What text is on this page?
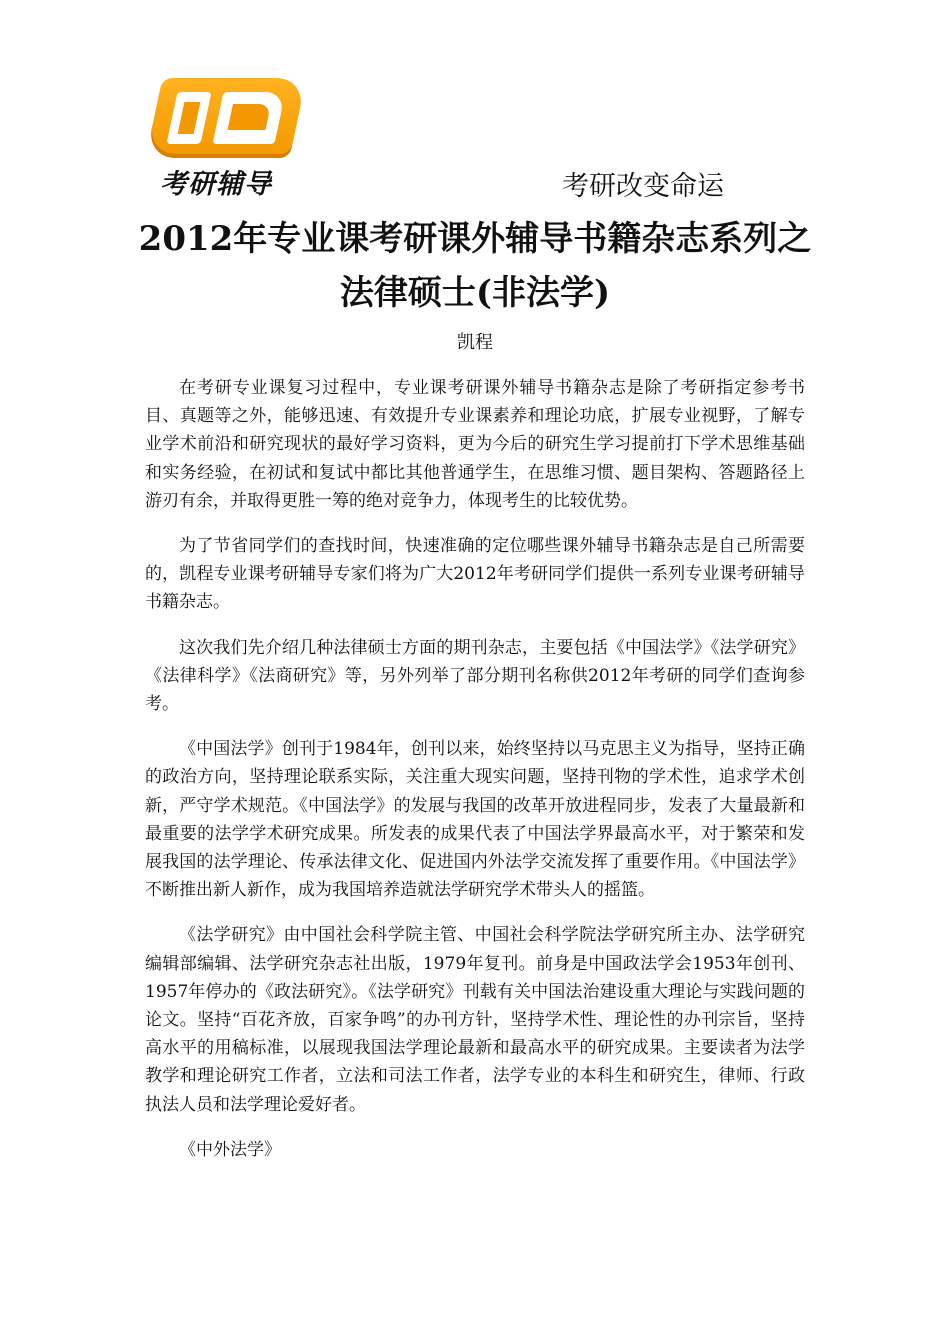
考研辅导	考研改变命运
2012年专业课考研课外辅导书籍杂志系列之法律硕士(非法学)
凯程

在考研专业课复习过程中，专业课考研课外辅导书籍杂志是除了考研指定参考书目、真题等之外，能够迅速、有效提升专业课素养和理论功底，扩展专业视野，了解专业学术前沿和研究现状的最好学习资料，更为今后的研究生学习提前打下学术思维基础和实务经验，在初试和复试中都比其他普通学生，在思维习惯、题目架构、答题路径上游刃有余，并取得更胜一筹的绝对竞争力，体现考生的比较优势。

为了节省同学们的查找时间，快速准确的定位哪些课外辅导书籍杂志是自己所需要的，凯程专业课考研辅导专家们将为广大2012年考研同学们提供一系列专业课考研辅导书籍杂志。

这次我们先介绍几种法律硕士方面的期刊杂志，主要包括《中国法学》《法学研究》《法律科学》《法商研究》等，另外列举了部分期刊名称供2012年考研的同学们查询参考。

《中国法学》创刊于1984年，创刊以来，始终坚持以马克思主义为指导，坚持正确的政治方向，坚持理论联系实际，关注重大现实问题，坚持刊物的学术性，追求学术创新，严守学术规范。《中国法学》的发展与我国的改革开放进程同步，发表了大量最新和最重要的法学学术研究成果。所发表的成果代表了中国法学界最高水平，对于繁荣和发展我国的法学理论、传承法律文化、促进国内外法学交流发挥了重要作用。《中国法学》不断推出新人新作，成为我国培养造就法学研究学术带头人的摇篮。

《法学研究》由中国社会科学院主管、中国社会科学院法学研究所主办、法学研究编辑部编辑、法学研究杂志社出版，1979年复刊。前身是中国政法学会1953年创刊、1957年停办的《政法研究》。《法学研究》刊载有关中国法治建设重大理论与实践问题的论文。坚持“百花齐放，百家争鸣”的办刊方针，坚持学术性、理论性的办刊宗旨，坚持高水平的用稿标准，以展现我国法学理论最新和最高水平的研究成果。主要读者为法学教学和理论研究工作者，立法和司法工作者，法学专业的本科生和研究生，律师、行政执法人员和法学理论爱好者。

《中外法学》
